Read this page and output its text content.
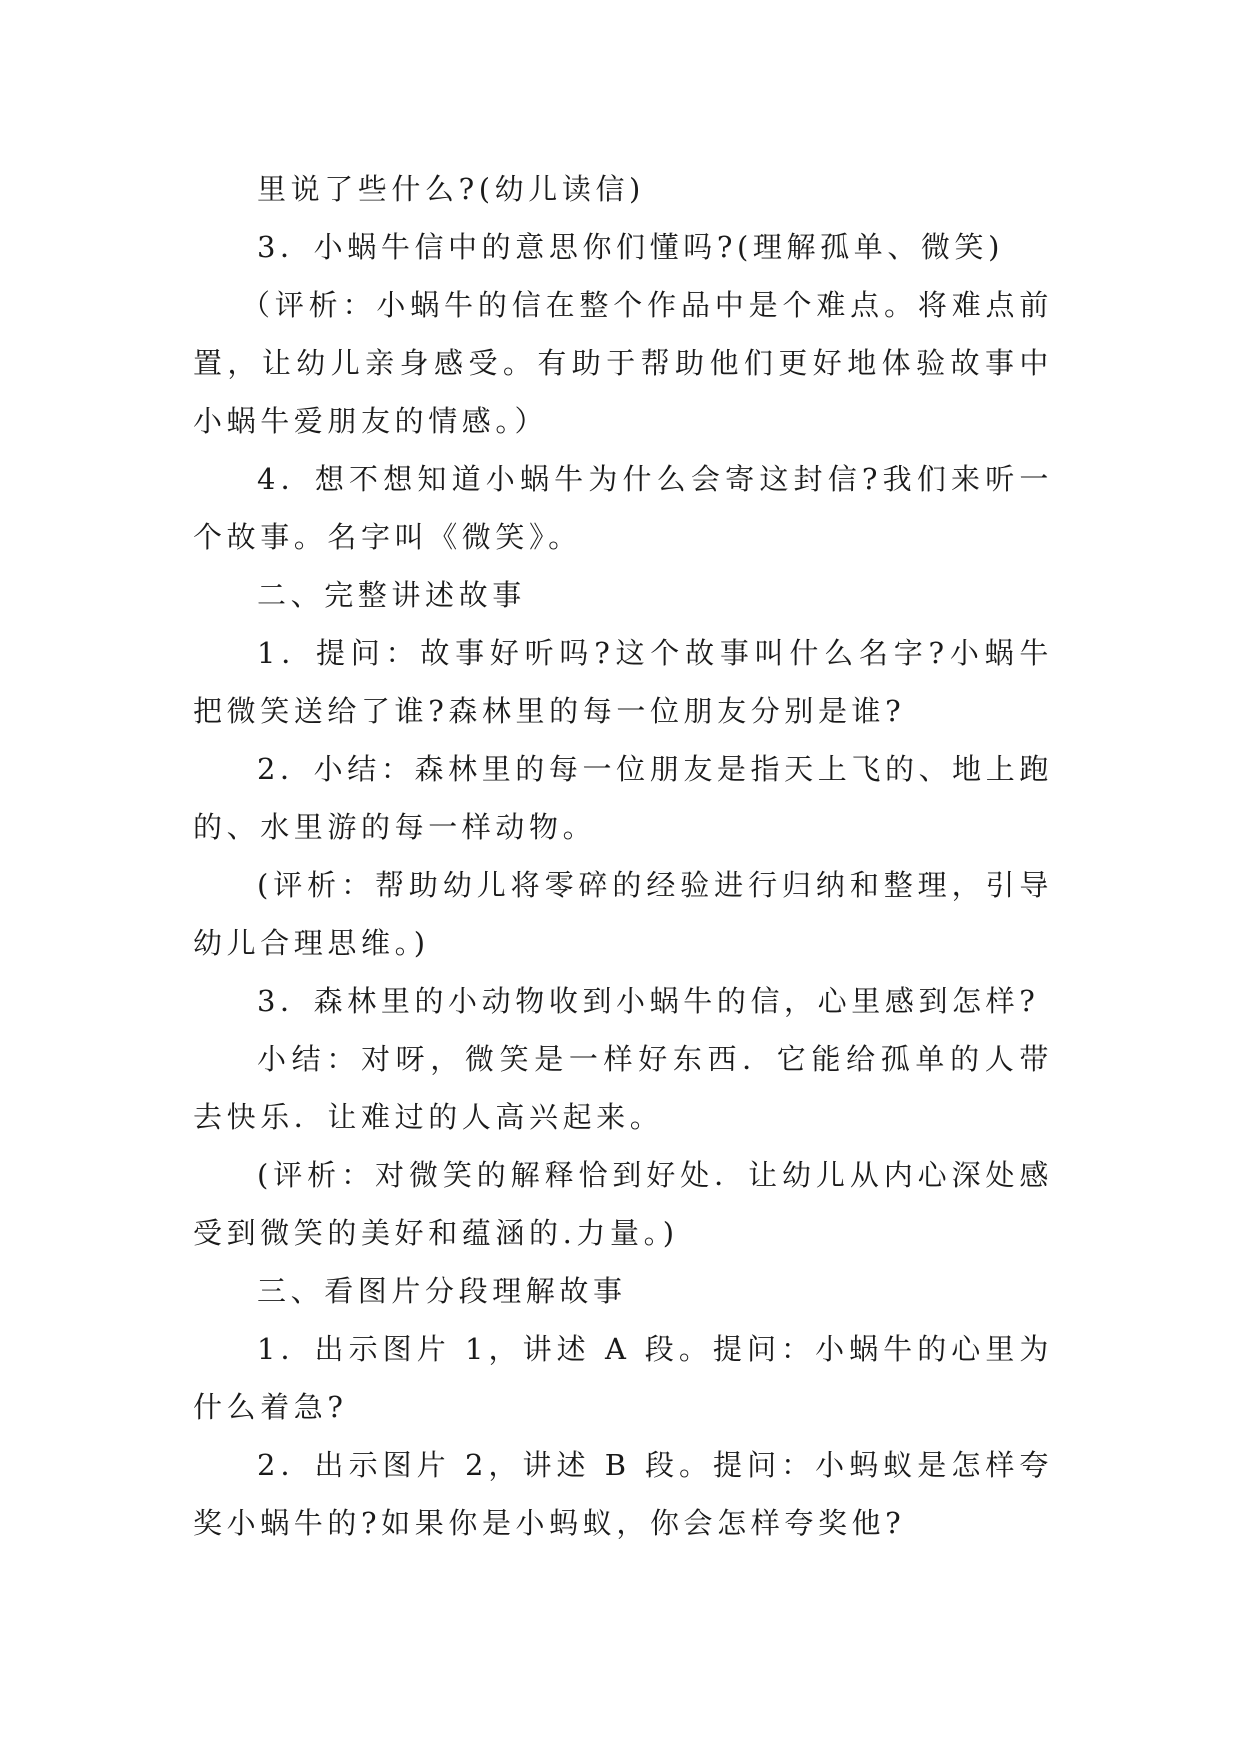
里说了些什么?(幼儿读信)

3．小蜗牛信中的意思你们懂吗?(理解孤单、微笑)

（评析：小蜗牛的信在整个作品中是个难点。将难点前置，让幼儿亲身感受。有助于帮助他们更好地体验故事中小蜗牛爱朋友的情感。）

4．想不想知道小蜗牛为什么会寄这封信?我们来听一个故事。名字叫《微笑》。

二、完整讲述故事

1．提问：故事好听吗?这个故事叫什么名字?小蜗牛把微笑送给了谁?森林里的每一位朋友分别是谁?

2．小结：森林里的每一位朋友是指天上飞的、地上跑的、水里游的每一样动物。

(评析：帮助幼儿将零碎的经验进行归纳和整理，引导幼儿合理思维。)

3．森林里的小动物收到小蜗牛的信，心里感到怎样?

小结：对呀，微笑是一样好东西．它能给孤单的人带去快乐．让难过的人高兴起来。

(评析：对微笑的解释恰到好处．让幼儿从内心深处感受到微笑的美好和蕴涵的.力量。)

三、看图片分段理解故事

1．出示图片 1，讲述 A 段。提问：小蜗牛的心里为什么着急?

2．出示图片 2，讲述 B 段。提问：小蚂蚁是怎样夸奖小蜗牛的?如果你是小蚂蚁，你会怎样夸奖他?
